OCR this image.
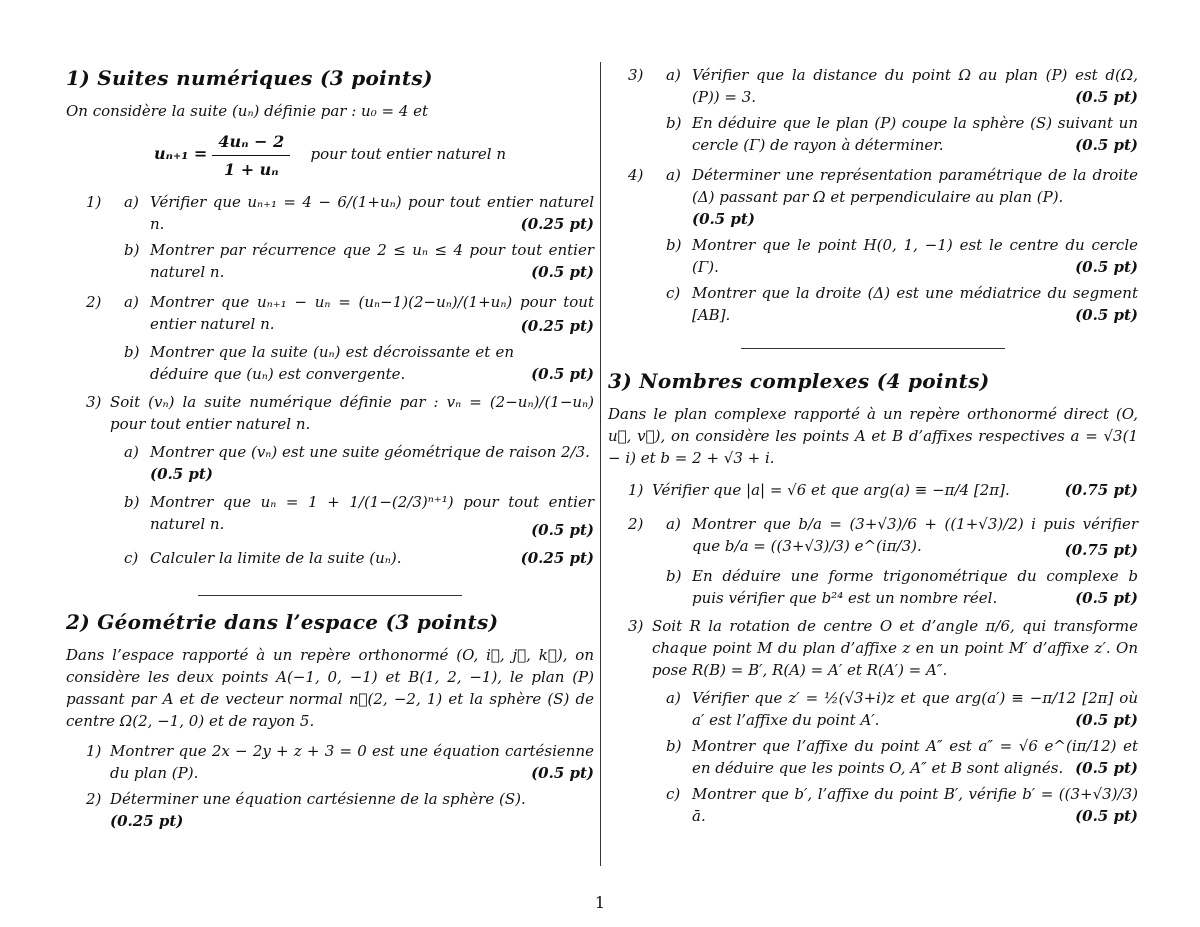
1) Suites numériques (3 points)

On considère la suite (uₙ) définie par : u₀ = 4 et

$u_{n+1} = \frac{\text{4uₙ − 2}}{\text{1 + uₙ}}$ pour tout entier naturel n
1) a) Vérifier que uₙ₊₁ = 4 − 6/(1+uₙ) pour tout entier naturel n.	(0.25 pt)
b) Montrer par récurrence que 2 ≤ uₙ ≤ 4 pour tout entier naturel n.	(0.5 pt)
2) a) Montrer que uₙ₊₁ − uₙ = (uₙ−1)(2−uₙ)/(1+uₙ) pour tout entier naturel n.	(0.25 pt)
b) Montrer que la suite (uₙ) est décroissante et en déduire que (uₙ) est convergente.	(0.5 pt)
3) Soit (vₙ) la suite numérique définie par : vₙ = (2−uₙ)/(1−uₙ) pour tout entier naturel n.
a) Montrer que (vₙ) est une suite géométrique de raison 2/3.
(0.5 pt)
b) Montrer que uₙ = 1 + 1/(1−(2/3)ⁿ⁺¹) pour tout entier naturel n.	(0.5 pt)
c) Calculer la limite de la suite (uₙ).	(0.25 pt)
2) Géométrie dans l’espace (3 points)

Dans l’espace rapporté à un repère orthonormé (O, i⃗, j⃗, k⃗), on considère les deux points A(−1, 0, −1) et B(1, 2, −1), le plan (P) passant par A et de vecteur normal n⃗(2, −2, 1) et la sphère (S) de centre Ω(2, −1, 0) et de rayon 5.

1) Montrer que 2x − 2y + z + 3 = 0 est une équation cartésienne du plan (P).	(0.5 pt)
2) Déterminer une équation cartésienne de la sphère (S).
(0.25 pt)
3) a) Vérifier que la distance du point Ω au plan (P) est d(Ω, (P)) = 3.	(0.5 pt)
b) En déduire que le plan (P) coupe la sphère (S) suivant un cercle (Γ) de rayon à déterminer.	(0.5 pt)
4) a) Déterminer une représentation paramétrique de la droite (Δ) passant par Ω et perpendiculaire au plan (P).
(0.5 pt)
b) Montrer que le point H(0, 1, −1) est le centre du cercle (Γ).	(0.5 pt)
c) Montrer que la droite (Δ) est une médiatrice du segment [AB].	(0.5 pt)
3) Nombres complexes (4 points)

Dans le plan complexe rapporté à un repère orthonormé direct (O, u⃗, v⃗), on considère les points A et B d’affixes respectives a = √3(1 − i) et b = 2 + √3 + i.

1) Vérifier que |a| = √6 et que arg(a) ≡ −π/4 [2π].	(0.75 pt)
2) a) Montrer que b/a = (3+√3)/6 + ((1+√3)/2) i puis vérifier que b/a = ((3+√3)/3) e^(iπ/3).	(0.75 pt)
b) En déduire une forme trigonométrique du complexe b puis vérifier que b²⁴ est un nombre réel.	(0.5 pt)
3) Soit R la rotation de centre O et d’angle π/6, qui transforme chaque point M du plan d’affixe z en un point M′ d’affixe z′. On pose R(B) = B′, R(A) = A′ et R(A′) = A″.
a) Vérifier que z′ = ½(√3+i)z et que arg(a′) ≡ −π/12 [2π] où a′ est l’affixe du point A′.	(0.5 pt)
b) Montrer que l’affixe du point A″ est a″ = √6 e^(iπ/12) et en déduire que les points O, A″ et B sont alignés. (0.5 pt)
c) Montrer que b′, l’affixe du point B′, vérifie b′ = ((3+√3)/3) ā.	(0.5 pt)
1
